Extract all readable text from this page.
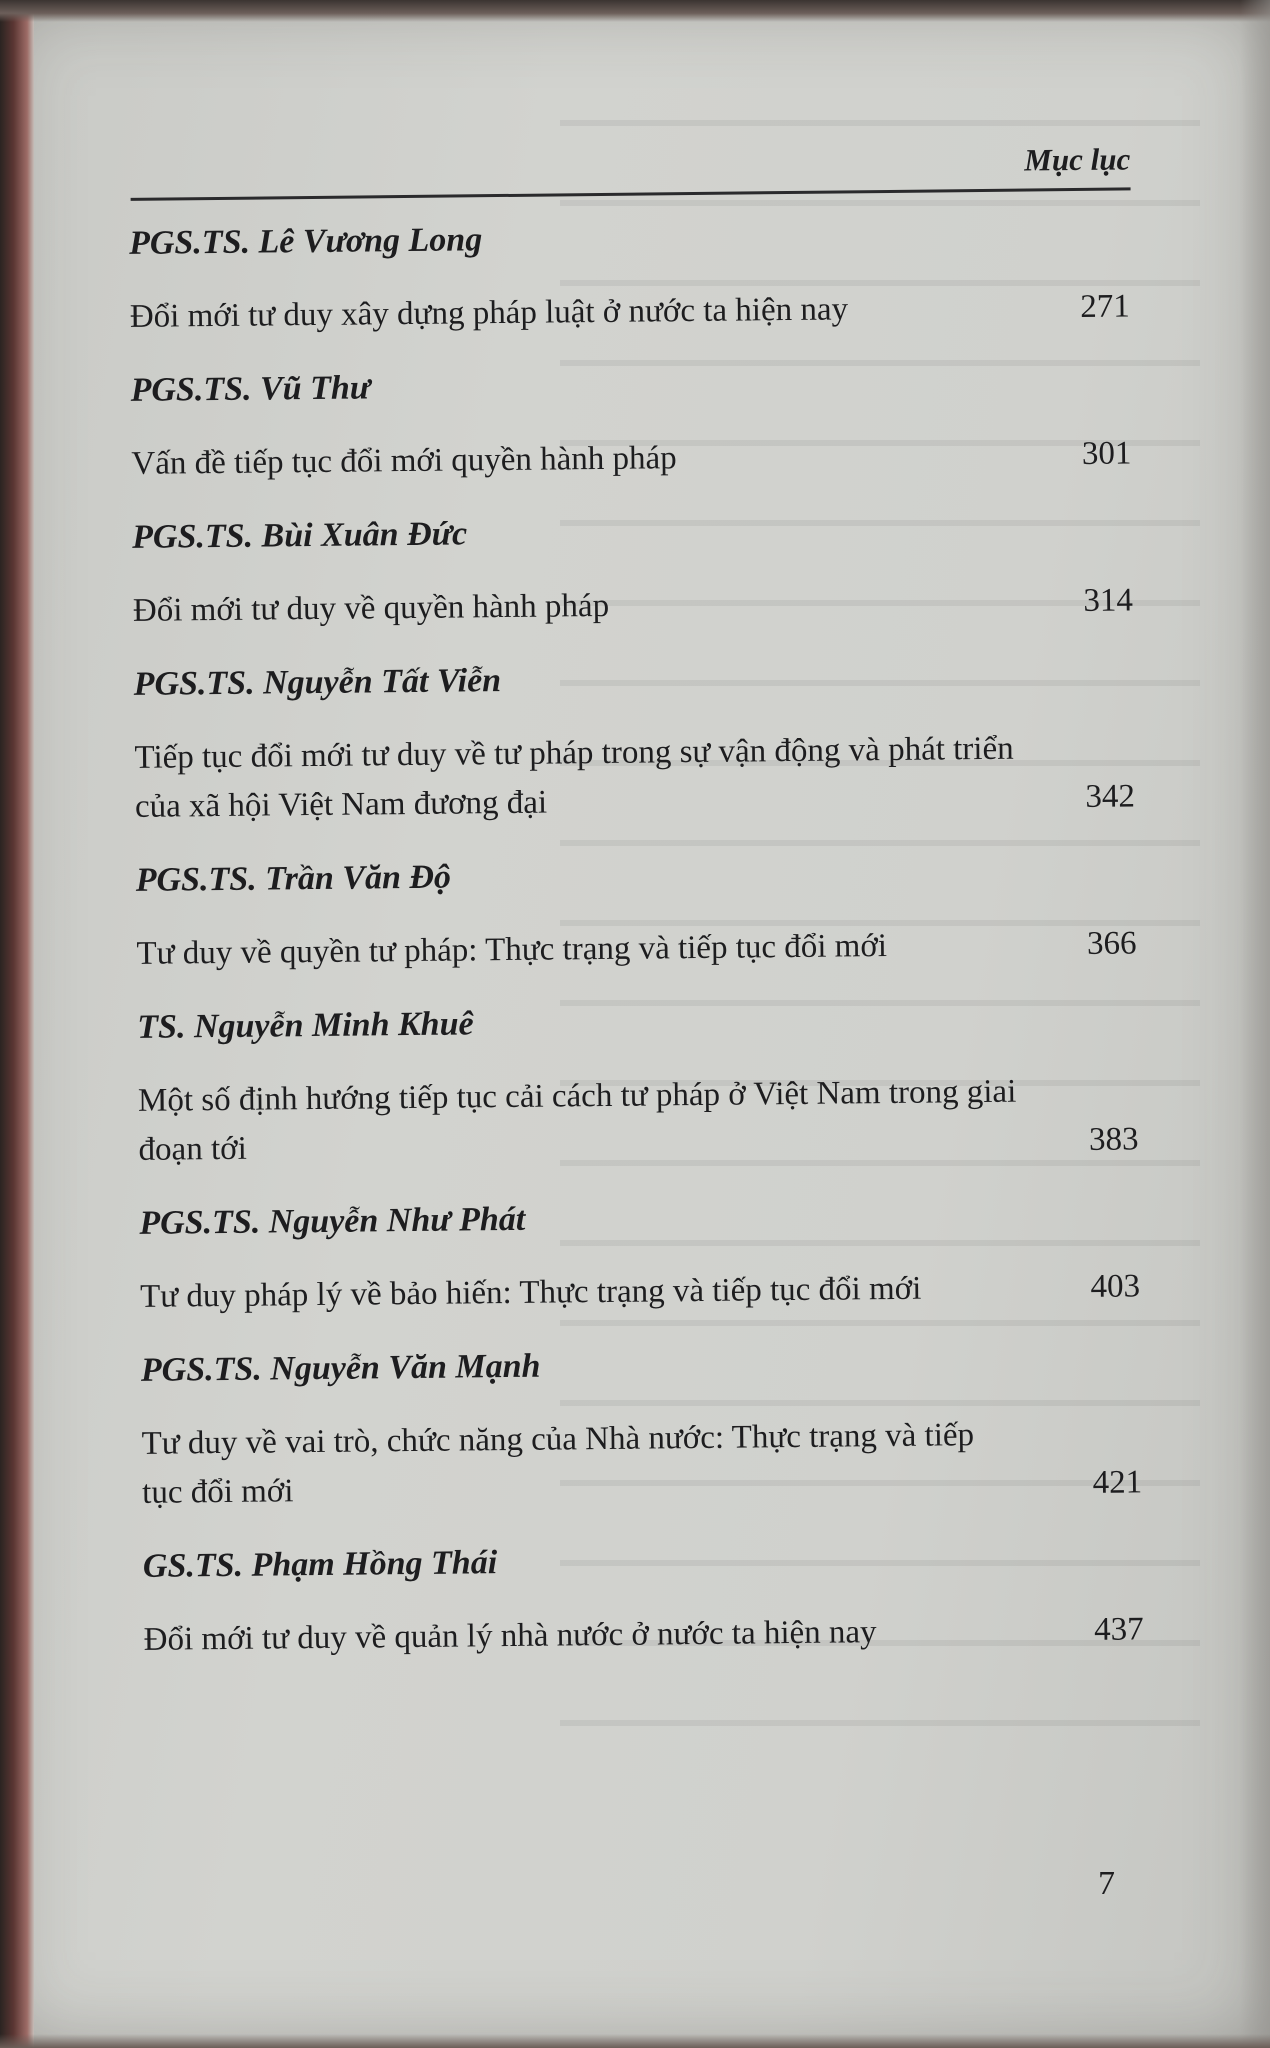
Mục lục
PGS.TS. Lê Vương Long
Đổi mới tư duy xây dựng pháp luật ở nước ta hiện nay	271
PGS.TS. Vũ Thư
Vấn đề tiếp tục đổi mới quyền hành pháp	301
PGS.TS. Bùi Xuân Đức
Đổi mới tư duy về quyền hành pháp	314
PGS.TS. Nguyễn Tất Viễn
Tiếp tục đổi mới tư duy về tư pháp trong sự vận động và phát triển của xã hội Việt Nam đương đại	342
PGS.TS. Trần Văn Độ
Tư duy về quyền tư pháp: Thực trạng và tiếp tục đổi mới	366
TS. Nguyễn Minh Khuê
Một số định hướng tiếp tục cải cách tư pháp ở Việt Nam trong giai đoạn tới	383
PGS.TS. Nguyễn Như Phát
Tư duy pháp lý về bảo hiến: Thực trạng và tiếp tục đổi mới	403
PGS.TS. Nguyễn Văn Mạnh
Tư duy về vai trò, chức năng của Nhà nước: Thực trạng và tiếp tục đổi mới	421
GS.TS. Phạm Hồng Thái
Đổi mới tư duy về quản lý nhà nước ở nước ta hiện nay	437
7
